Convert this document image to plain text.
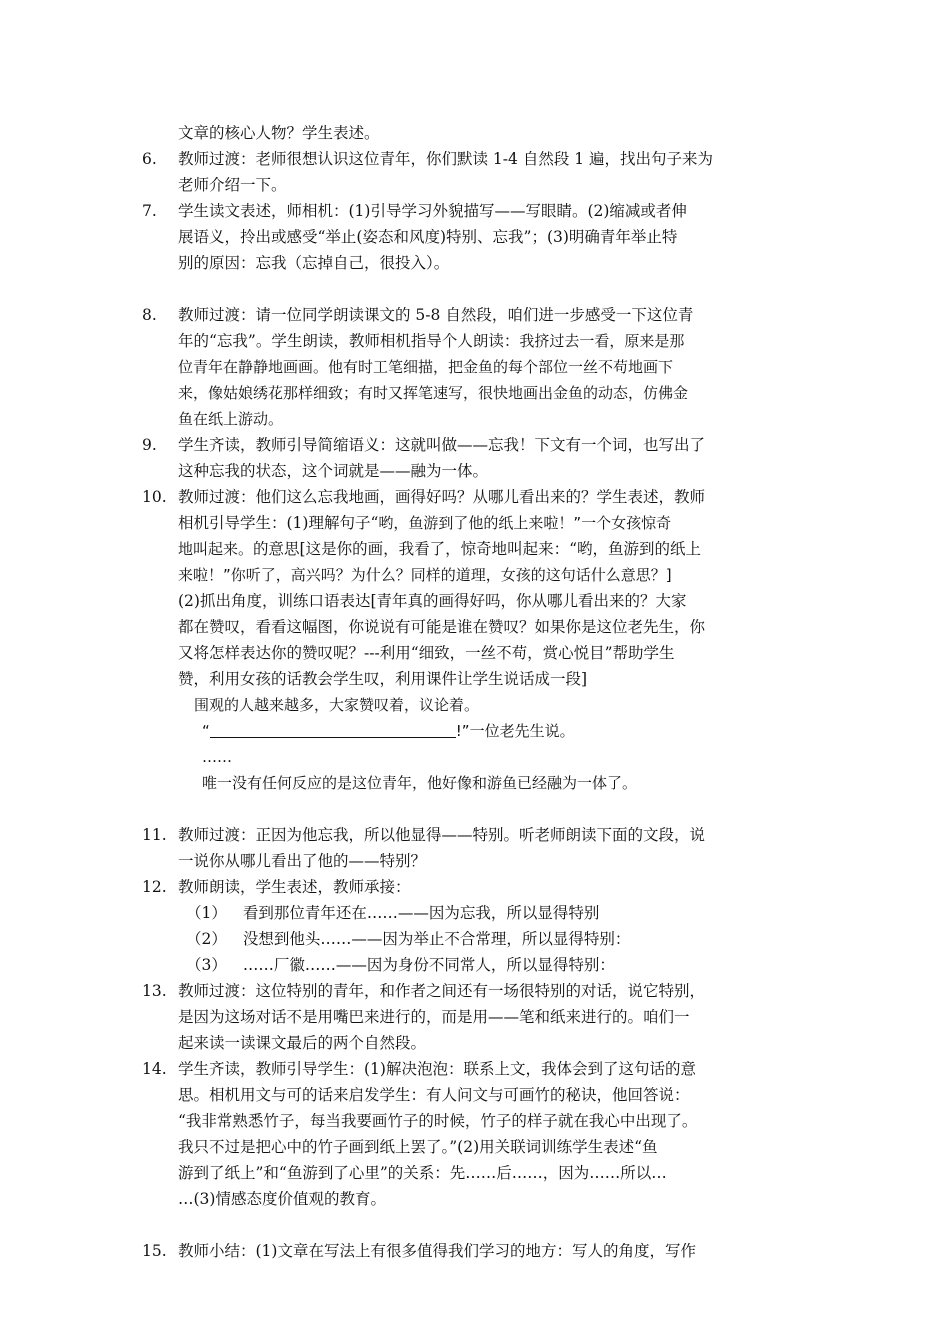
文章的核心人物？学生表述。
6.	教师过渡：老师很想认识这位青年，你们默读 1-4 自然段 1 遍，找出句子来为
老师介绍一下。
7.	学生读文表述，师相机：(1)引导学习外貌描写——写眼睛。(2)缩减或者伸
展语义，拎出或感受“举止(姿态和风度)特别、忘我”；(3)明确青年举止特
别的原因：忘我（忘掉自己，很投入）。
8.	教师过渡：请一位同学朗读课文的 5-8 自然段，咱们进一步感受一下这位青
年的“忘我”。学生朗读，教师相机指导个人朗读：我挤过去一看，原来是那
位青年在静静地画画。他有时工笔细描，把金鱼的每个部位一丝不苟地画下
来，像姑娘绣花那样细致；有时又挥笔速写，很快地画出金鱼的动态，仿佛金
鱼在纸上游动。
9.	学生齐读，教师引导简缩语义：这就叫做——忘我！下文有一个词，也写出了
这种忘我的状态，这个词就是——融为一体。
10. 教师过渡：他们这么忘我地画，画得好吗？从哪儿看出来的？学生表述，教师
相机引导学生：(1)理解句子“哟，鱼游到了他的纸上来啦！”一个女孩惊奇
地叫起来。的意思[这是你的画，我看了，惊奇地叫起来：“哟，鱼游到的纸上
来啦！”你听了，高兴吗？为什么？同样的道理，女孩的这句话什么意思？]
(2)抓出角度，训练口语表达[青年真的画得好吗，你从哪儿看出来的？大家
都在赞叹，看看这幅图，你说说有可能是谁在赞叹？如果你是这位老先生，你
又将怎样表达你的赞叹呢？---利用“细致，一丝不苟，赏心悦目”帮助学生
赞，利用女孩的话教会学生叹，利用课件让学生说话成一段]
围观的人越来越多，大家赞叹着，议论着。
“	!”一位老先生说。
……
唯一没有任何反应的是这位青年，他好像和游鱼已经融为一体了。
11. 教师过渡：正因为他忘我，所以他显得——特别。听老师朗读下面的文段，说
一说你从哪儿看出了他的——特别？
12. 教师朗读，学生表述，教师承接：
（1） 看到那位青年还在……——因为忘我，所以显得特别
（2） 没想到他头……——因为举止不合常理，所以显得特别：
（3） ……厂徽……——因为身份不同常人，所以显得特别：
13. 教师过渡：这位特别的青年，和作者之间还有一场很特别的对话，说它特别，
是因为这场对话不是用嘴巴来进行的，而是用——笔和纸来进行的。咱们一
起来读一读课文最后的两个自然段。
14. 学生齐读，教师引导学生：(1)解决泡泡：联系上文，我体会到了这句话的意
思。相机用文与可的话来启发学生：有人问文与可画竹的秘诀，他回答说：
“我非常熟悉竹子，每当我要画竹子的时候，竹子的样子就在我心中出现了。
我只不过是把心中的竹子画到纸上罢了。”(2)用关联词训练学生表述“鱼
游到了纸上”和“鱼游到了心里”的关系：先……后……，因为……所以…
…(3)情感态度价值观的教育。
15. 教师小结：(1)文章在写法上有很多值得我们学习的地方：写人的角度，写作
